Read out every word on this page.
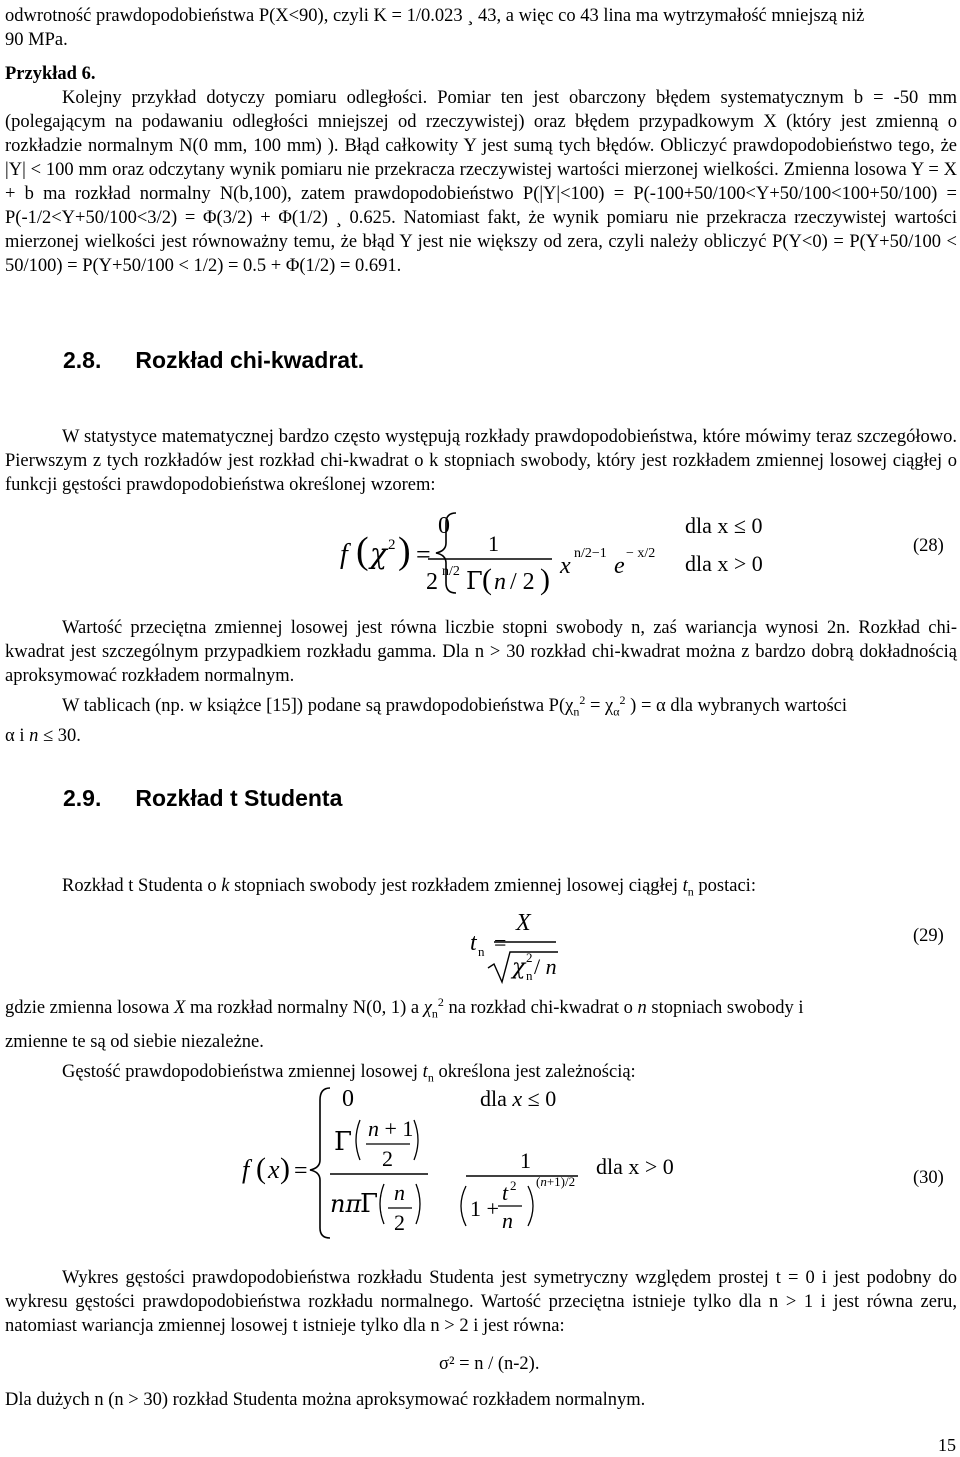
odwrotność prawdopodobieństwa P(X<90), czyli K = 1/0.023 ¸ 43, a więc co 43 lina ma wytrzymałość mniejszą niż

90 MPa.

Przykład 6.

Kolejny przykład dotyczy pomiaru odległości. Pomiar ten jest obarczony błędem systematycznym b = -50 mm (polegającym na podawaniu odległości mniejszej od rzeczywistej) oraz błędem przypadkowym X (który jest zmienną o rozkładzie normalnym N(0 mm, 100 mm) ). Błąd całkowity Y jest sumą tych błędów. Obliczyć prawdopodobieństwo tego, że |Y| < 100 mm oraz odczytany wynik pomiaru nie przekracza rzeczywistej wartości mierzonej wielkości. Zmienna losowa Y = X + b ma rozkład normalny N(b,100), zatem prawdopodobieństwo P(|Y|<100) = P(-100+50/100<Y+50/100<100+50/100) = P(-1/2<Y+50/100<3/2) = Φ(3/2) + Φ(1/2) ¸ 0.625. Natomiast fakt, że wynik pomiaru nie przekracza rzeczywistej wartości mierzonej wielkości jest równoważny temu, że błąd Y jest nie większy od zera, czyli należy obliczyć P(Y<0) = P(Y+50/100 < 50/100) = P(Y+50/100 < 1/2) = 0.5 + Φ(1/2) = 0.691.

2.8. Rozkład chi-kwadrat.

W statystyce matematycznej bardzo często występują rozkłady prawdopodobieństwa, które mówimy teraz szczegółowo. Pierwszym z tych rozkładów jest rozkład chi-kwadrat o k stopniach swobody, który jest rozkładem zmiennej losowej ciągłej o funkcji gęstości prawdopodobieństwa określonej wzorem:

f ( χ 2 ) =
0	dla x ≤ 0
1
2 n/2 Γ ( n / 2 ) x n/2−1 e − x/2 dla x > 0
(28)

Wartość przeciętna zmiennej losowej jest równa liczbie stopni swobody n, zaś wariancja wynosi 2n. Rozkład chi-kwadrat jest szczególnym przypadkiem rozkładu gamma. Dla n > 30 rozkład chi-kwadrat można z bardzo dobrą dokładnością aproksymować rozkładem normalnym.

W tablicach (np. w książce [15]) podane są prawdopodobieństwa $P(\chi_n^2 = \chi_\alpha^2$ ) = α dla wybranych wartości
α i n ≤ 30.

2.9. Rozkład t Studenta

Rozkład t Studenta o k stopniach swobody jest rozkładem zmiennej losowej ciągłej $t_n$ postaci:

t n =
X
χ 2
n / n
(29)

gdzie zmienna losowa X ma rozkład normalny N(0, 1) a $\chi_n^2$ na rozkład chi-kwadrat o n stopniach swobody i
zmienne te są od siebie niezależne.

Gęstość prawdopodobieństwa zmiennej losowej $t_n$ określona jest zależnością:

f ( x ) =
0	dla x ≤ 0
Γ n + 1
2
nπ
Γ n
2
1
1 +
t 2
n
(n+1)/2
dla x > 0	(30)

Wykres gęstości prawdopodobieństwa rozkładu Studenta jest symetryczny względem prostej t = 0 i jest podobny do wykresu gęstości prawdopodobieństwa rozkładu normalnego. Wartość przeciętna istnieje tylko dla n > 1 i jest równa zeru, natomiast wariancja zmiennej losowej t istnieje tylko dla n > 2 i jest równa:

σ² = n / (n-2).

Dla dużych n (n > 30) rozkład Studenta można aproksymować rozkładem normalnym.

15
